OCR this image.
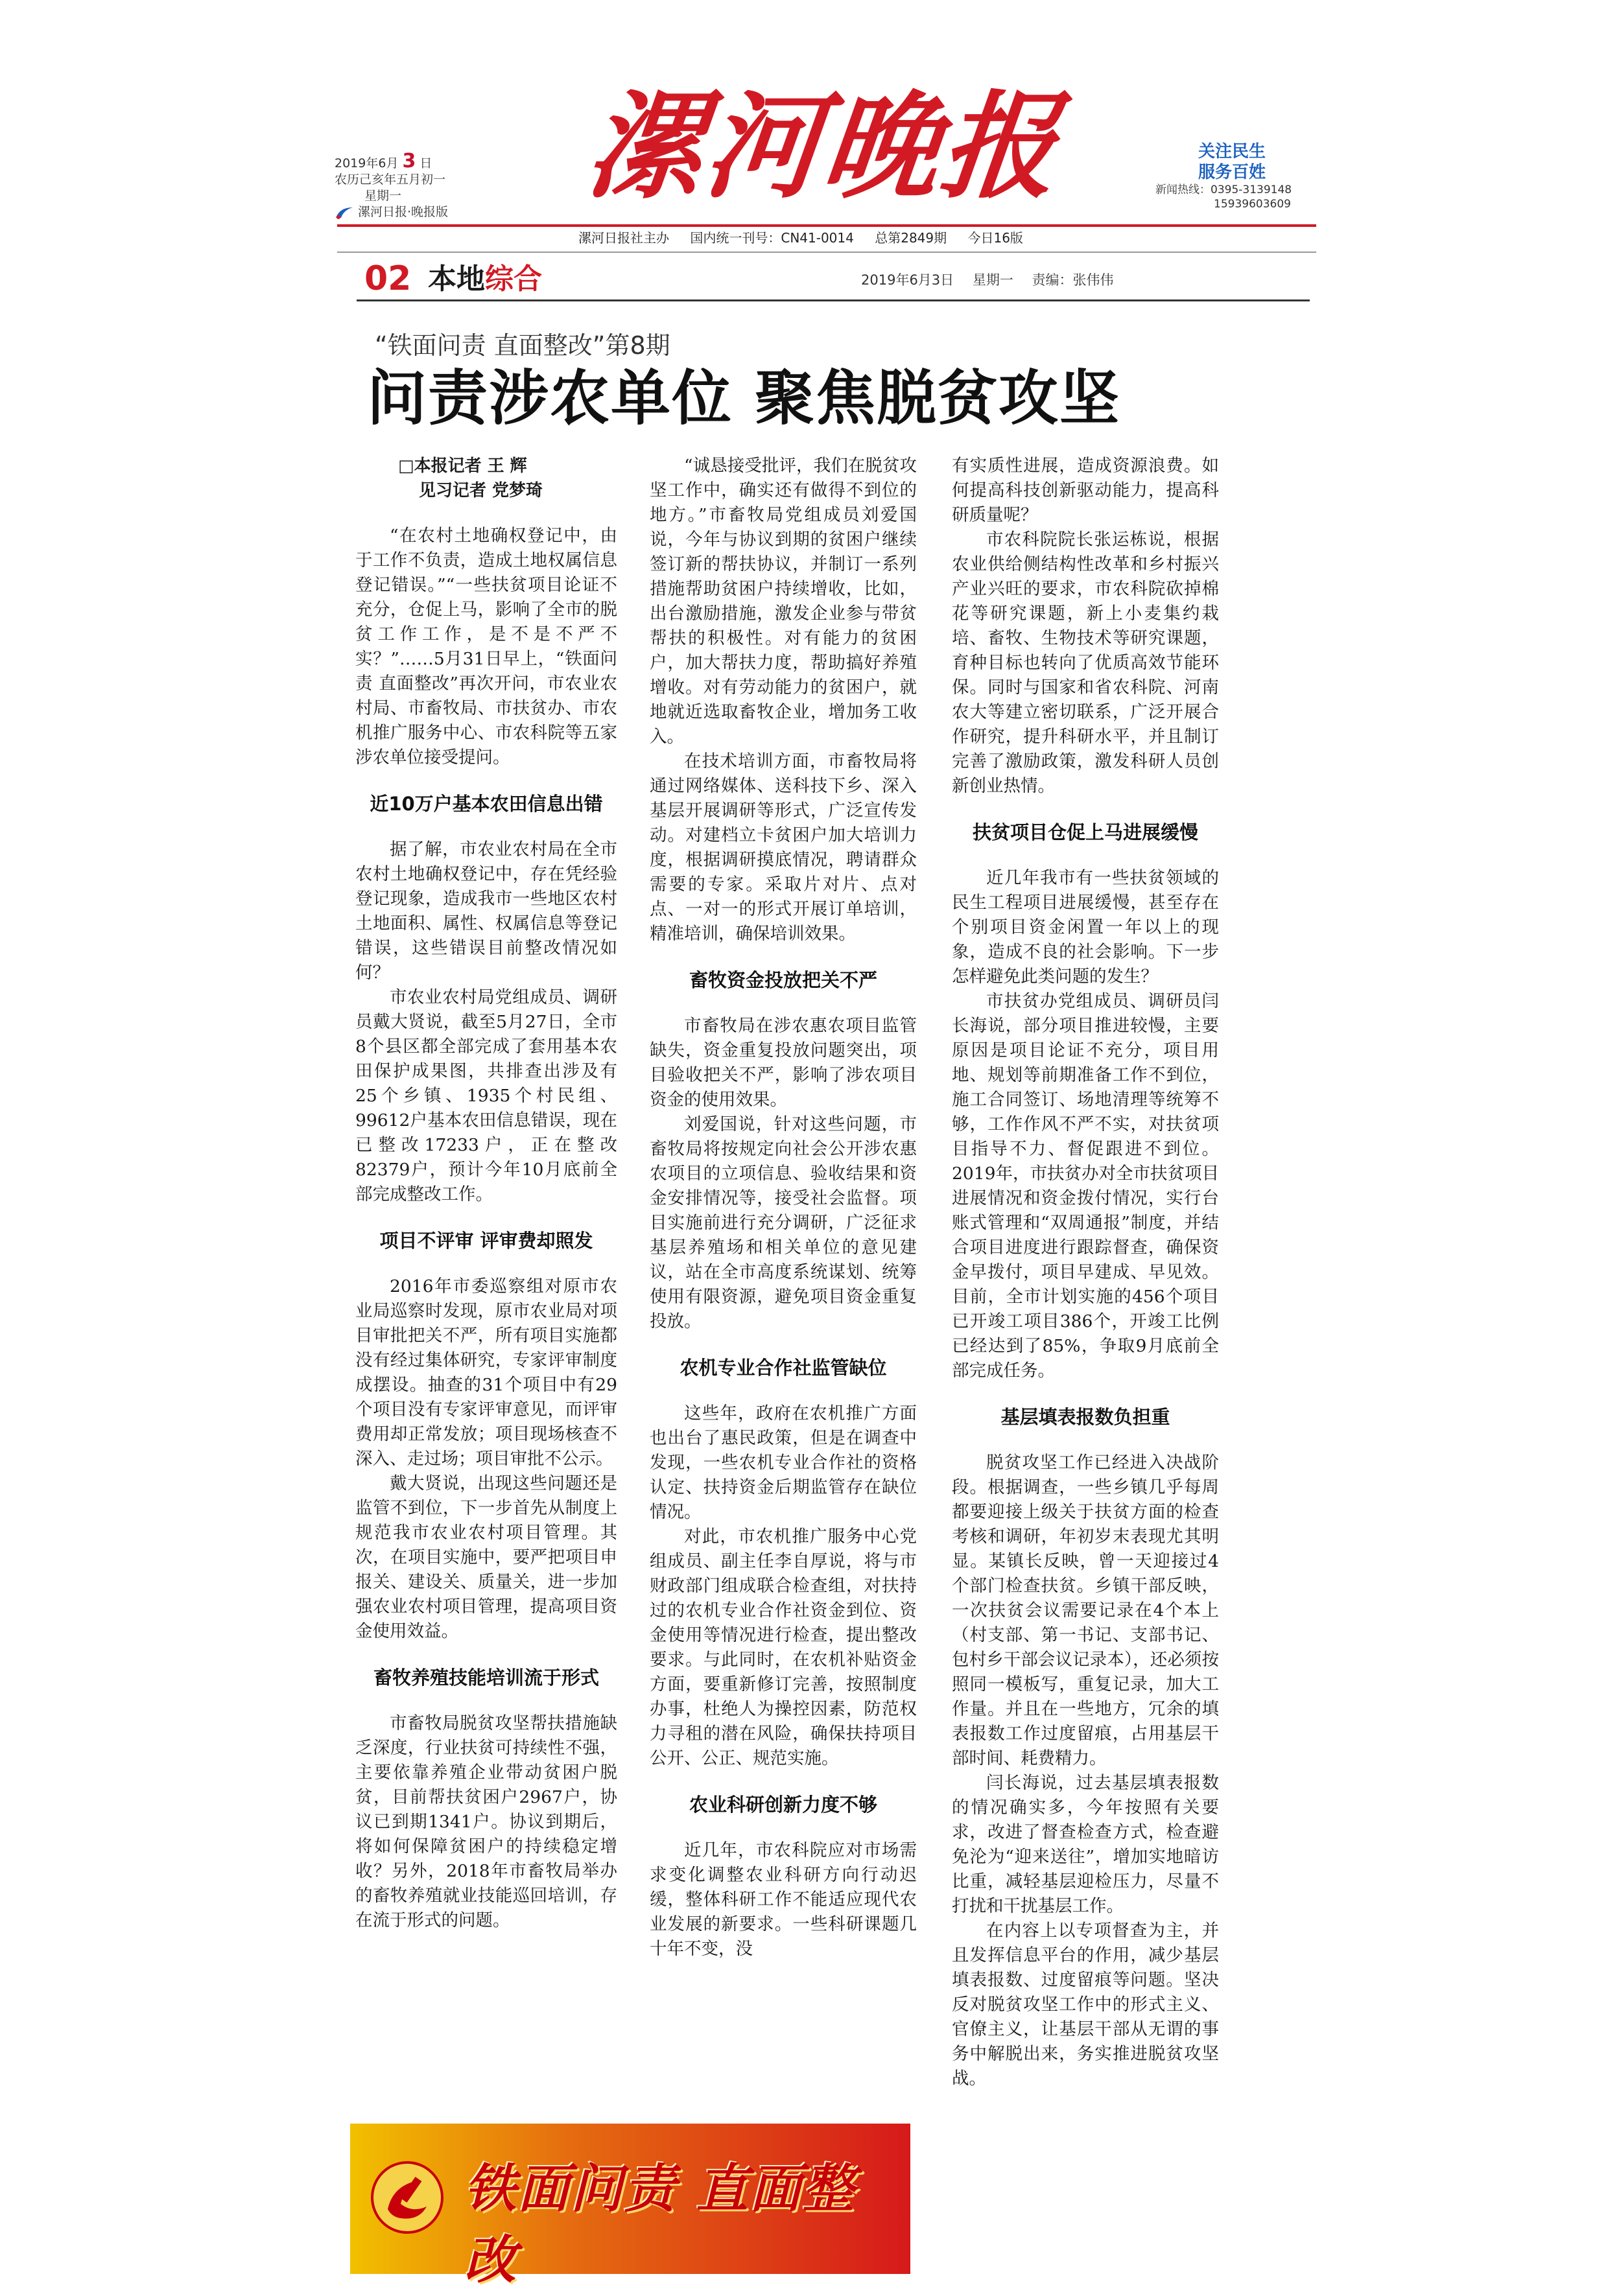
2019年6月 3 日
农历己亥年五月初一
星期一
漯河日报·晚报版	漯河晚报	关注民生
服务百姓
新闻热线：0395-3139148
15939603609
漯河日报社主办 国内统一刊号：CN41-0014 总第2849期 今日16版
02 本地综合	2019年6月3日 星期一 责编：张伟伟
“铁面问责 直面整改”第8期
问责涉农单位 聚焦脱贫攻坚
□本报记者 王 辉
见习记者 党梦琦

“在农村土地确权登记中，由于工作不负责，造成土地权属信息登记错误。”“一些扶贫项目论证不充分，仓促上马，影响了全市的脱贫工作工作，是不是不严不实？”……5月31日早上，“铁面问责 直面整改”再次开问，市农业农村局、市畜牧局、市扶贫办、市农机推广服务中心、市农科院等五家涉农单位接受提问。

近10万户基本农田信息出错

据了解，市农业农村局在全市农村土地确权登记中，存在凭经验登记现象，造成我市一些地区农村土地面积、属性、权属信息等登记错误，这些错误目前整改情况如何？

市农业农村局党组成员、调研员戴大贤说，截至5月27日，全市8个县区都全部完成了套用基本农田保护成果图，共排查出涉及有25个乡镇、1935个村民组、99612户基本农田信息错误，现在已整改17233户，正在整改82379户，预计今年10月底前全部完成整改工作。

项目不评审 评审费却照发

2016年市委巡察组对原市农业局巡察时发现，原市农业局对项目审批把关不严，所有项目实施都没有经过集体研究，专家评审制度成摆设。抽查的31个项目中有29个项目没有专家评审意见，而评审费用却正常发放；项目现场核查不深入、走过场；项目审批不公示。

戴大贤说，出现这些问题还是监管不到位，下一步首先从制度上规范我市农业农村项目管理。其次，在项目实施中，要严把项目申报关、建设关、质量关，进一步加强农业农村项目管理，提高项目资金使用效益。

畜牧养殖技能培训流于形式

市畜牧局脱贫攻坚帮扶措施缺乏深度，行业扶贫可持续性不强，主要依靠养殖企业带动贫困户脱贫，目前帮扶贫困户2967户，协议已到期1341户。协议到期后，将如何保障贫困户的持续稳定增收？另外，2018年市畜牧局举办的畜牧养殖就业技能巡回培训，存在流于形式的问题。

“诚恳接受批评，我们在脱贫攻坚工作中，确实还有做得不到位的地方。”市畜牧局党组成员刘爱国说，今年与协议到期的贫困户继续签订新的帮扶协议，并制订一系列措施帮助贫困户持续增收，比如，出台激励措施，激发企业参与带贫帮扶的积极性。对有能力的贫困户，加大帮扶力度，帮助搞好养殖增收。对有劳动能力的贫困户，就地就近选取畜牧企业，增加务工收入。

在技术培训方面，市畜牧局将通过网络媒体、送科技下乡、深入基层开展调研等形式，广泛宣传发动。对建档立卡贫困户加大培训力度，根据调研摸底情况，聘请群众需要的专家。采取片对片、点对点、一对一的形式开展订单培训，精准培训，确保培训效果。

畜牧资金投放把关不严

市畜牧局在涉农惠农项目监管缺失，资金重复投放问题突出，项目验收把关不严，影响了涉农项目资金的使用效果。

刘爱国说，针对这些问题，市畜牧局将按规定向社会公开涉农惠农项目的立项信息、验收结果和资金安排情况等，接受社会监督。项目实施前进行充分调研，广泛征求基层养殖场和相关单位的意见建议，站在全市高度系统谋划、统筹使用有限资源，避免项目资金重复投放。

农机专业合作社监管缺位

这些年，政府在农机推广方面也出台了惠民政策，但是在调查中发现，一些农机专业合作社的资格认定、扶持资金后期监管存在缺位情况。

对此，市农机推广服务中心党组成员、副主任李自厚说，将与市财政部门组成联合检查组，对扶持过的农机专业合作社资金到位、资金使用等情况进行检查，提出整改要求。与此同时，在农机补贴资金方面，要重新修订完善，按照制度办事，杜绝人为操控因素，防范权力寻租的潜在风险，确保扶持项目公开、公正、规范实施。

农业科研创新力度不够

近几年，市农科院应对市场需求变化调整农业科研方向行动迟缓，整体科研工作不能适应现代农业发展的新要求。一些科研课题几十年不变，没

有实质性进展，造成资源浪费。如何提高科技创新驱动能力，提高科研质量呢？

市农科院院长张运栋说，根据农业供给侧结构性改革和乡村振兴产业兴旺的要求，市农科院砍掉棉花等研究课题，新上小麦集约栽培、畜牧、生物技术等研究课题，育种目标也转向了优质高效节能环保。同时与国家和省农科院、河南农大等建立密切联系，广泛开展合作研究，提升科研水平，并且制订完善了激励政策，激发科研人员创新创业热情。

扶贫项目仓促上马进展缓慢

近几年我市有一些扶贫领域的民生工程项目进展缓慢，甚至存在个别项目资金闲置一年以上的现象，造成不良的社会影响。下一步怎样避免此类问题的发生？

市扶贫办党组成员、调研员闫长海说，部分项目推进较慢，主要原因是项目论证不充分，项目用地、规划等前期准备工作不到位，施工合同签订、场地清理等统筹不够，工作作风不严不实，对扶贫项目指导不力、督促跟进不到位。2019年，市扶贫办对全市扶贫项目进展情况和资金拨付情况，实行台账式管理和“双周通报”制度，并结合项目进度进行跟踪督查，确保资金早拨付，项目早建成、早见效。目前，全市计划实施的456个项目已开竣工项目386个，开竣工比例已经达到了85%，争取9月底前全部完成任务。

基层填表报数负担重

脱贫攻坚工作已经进入决战阶段。根据调查，一些乡镇几乎每周都要迎接上级关于扶贫方面的检查考核和调研，年初岁末表现尤其明显。某镇长反映，曾一天迎接过4个部门检查扶贫。乡镇干部反映，一次扶贫会议需要记录在4个本上（村支部、第一书记、支部书记、包村乡干部会议记录本），还必须按照同一模板写，重复记录，加大工作量。并且在一些地方，冗余的填表报数工作过度留痕，占用基层干部时间、耗费精力。

闫长海说，过去基层填表报数的情况确实多，今年按照有关要求，改进了督查检查方式，检查避免沦为“迎来送往”，增加实地暗访比重，减轻基层迎检压力，尽量不打扰和干扰基层工作。

在内容上以专项督查为主，并且发挥信息平台的作用，减少基层填表报数、过度留痕等问题。坚决反对脱贫攻坚工作中的形式主义、官僚主义，让基层干部从无谓的事务中解脱出来，务实推进脱贫攻坚战。

铁面问责 直面整改
